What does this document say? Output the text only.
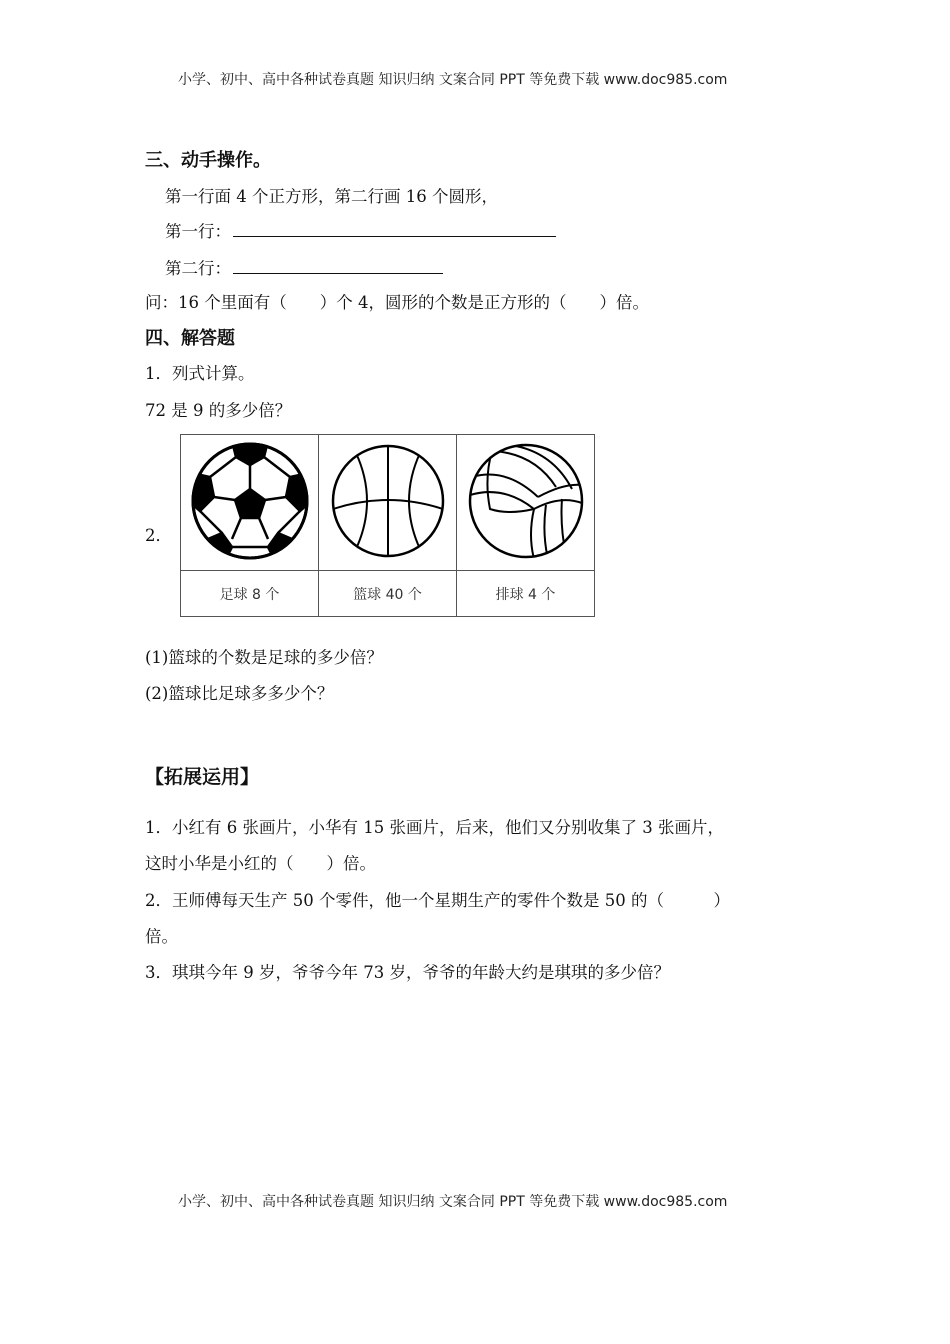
小学、初中、高中各种试卷真题 知识归纳 文案合同 PPT 等免费下载 www.doc985.com
三、动手操作。
第一行面 4 个正方形，第二行画 16 个圆形，
第一行：
第二行：
问：16 个里面有（　　）个 4，圆形的个数是正方形的（　　）倍。
四、解答题
1．列式计算。
72 是 9 的多少倍？
2．

足球 8 个	篮球 40 个	排球 4 个
(1)篮球的个数是足球的多少倍？
(2)篮球比足球多多少个？
【拓展运用】
1．小红有 6 张画片，小华有 15 张画片，后来，他们又分别收集了 3 张画片，
这时小华是小红的（　　）倍。
2．王师傅每天生产 50 个零件，他一个星期生产的零件个数是 50 的（　　　）
倍。
3．琪琪今年 9 岁，爷爷今年 73 岁，爷爷的年龄大约是琪琪的多少倍？
小学、初中、高中各种试卷真题 知识归纳 文案合同 PPT 等免费下载 www.doc985.com
